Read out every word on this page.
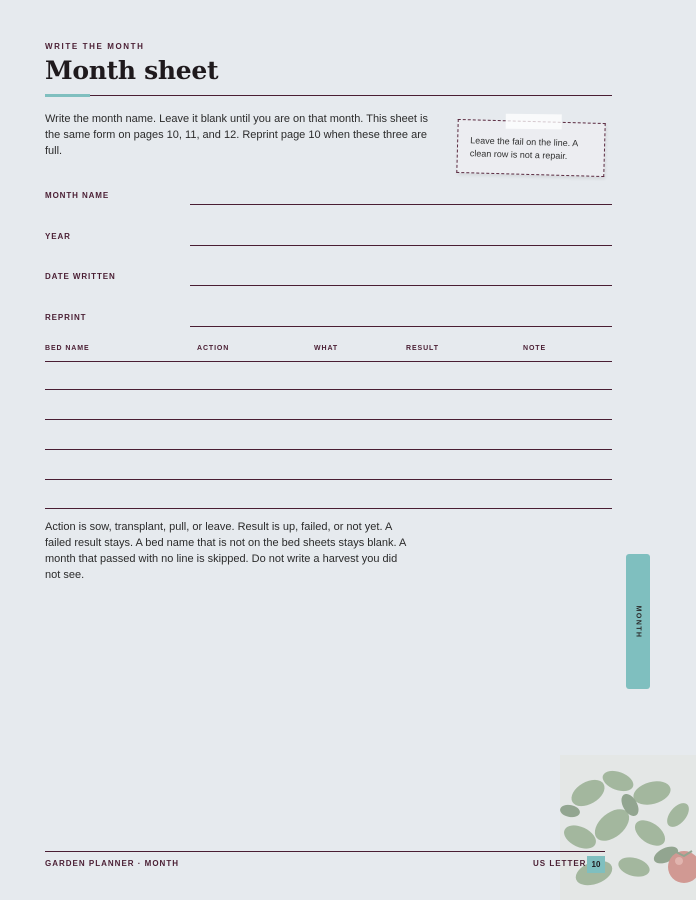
WRITE THE MONTH
Month sheet

Write the month name. Leave it blank until you are on that month. This sheet is the same form on pages 10, 11, and 12. Reprint page 10 when these three are full.

Leave the fail on the line. A clean row is not a repair.

MONTH NAME
YEAR
DATE WRITTEN
REPRINT
BED NAME	ACTION	WHAT	RESULT	NOTE

Action is sow, transplant, pull, or leave. Result is up, failed, or not yet. A failed result stays. A bed name that is not on the bed sheets stays blank. A month that passed with no line is skipped. Do not write a harvest you did not see.

MONTH
GARDEN PLANNER · MONTH	US LETTER 10
